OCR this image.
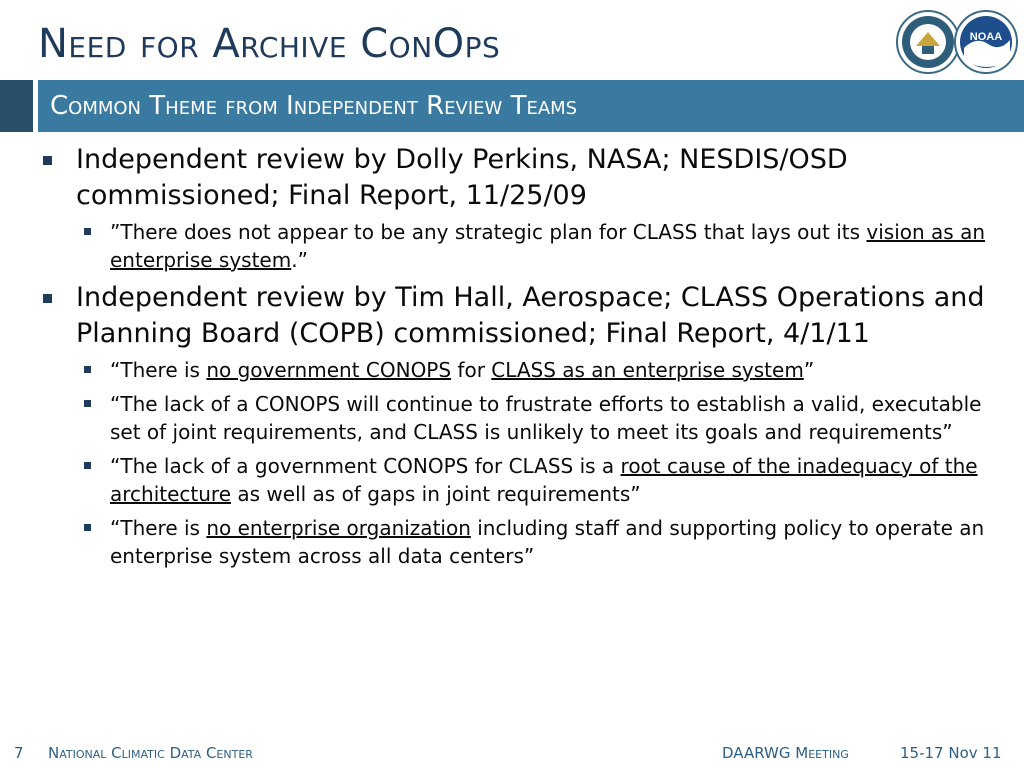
Need for Archive ConOps	NOAA
Common Theme from Independent Review Teams
Independent review by Dolly Perkins, NASA; NESDIS/OSD commissioned; Final Report, 11/25/09
”There does not appear to be any strategic plan for CLASS that lays out its vision as an enterprise system.”
Independent review by Tim Hall, Aerospace; CLASS Operations and Planning Board (COPB) commissioned; Final Report, 4/1/11
“There is no government CONOPS for CLASS as an enterprise system”
“The lack of a CONOPS will continue to frustrate efforts to establish a valid, executable set of joint requirements, and CLASS is unlikely to meet its goals and requirements”
“The lack of a government CONOPS for CLASS is a root cause of the inadequacy of the architecture as well as of gaps in joint requirements”
“There is no enterprise organization including staff and supporting policy to operate an enterprise system across all data centers”
7 National Climatic Data Center	DAARWG Meeting	15-17 Nov 11
